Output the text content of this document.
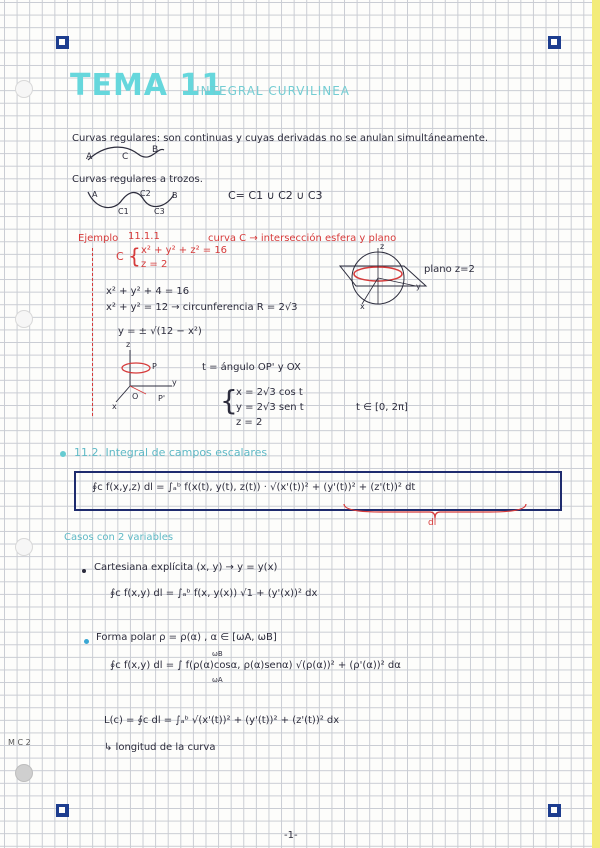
TEMA 11
- INTEGRAL CURVILINEA
Curvas regulares: son continuas y cuyas derivadas no se anulan simultáneamente.
A	C
B
Curvas regulares a trozos.
A	C2	B
C1	C3
C= C1 ∪ C2 ∪ C3
Ejemplo 11.1.1	curva C → intersección esfera y plano
C { x² + y² + z² = 16
z = 2
x² + y² + 4 = 16
x² + y² = 12 → circunferencia R = 2√3
y = ± √(12 − x²)
z
y
x
plano z=2
z
y
x
P
P'
O
t = ángulo OP' y OX
{
x = 2√3 cos t
y = 2√3 sen t
z = 2
t ∈ [0, 2π]
11.2. Integral de campos escalares
∮c f(x,y,z) dl = ∫ₐᵇ f(x(t), y(t), z(t)) · √(x'(t))² + (y'(t))² + (z'(t))² dt
dl
Casos con 2 variables
Cartesiana explícita (x, y) → y = y(x)
∮c f(x,y) dl = ∫ₐᵇ f(x, y(x)) √1 + (y'(x))² dx
Forma polar ρ = ρ(α) , α ∈ [ωA, ωB]
∮c f(x,y) dl = ∫ f(ρ(α)cosα, ρ(α)senα) √(ρ(α))² + (ρ'(α))² dα
ωB
ωA
L(c) = ∮c dl = ∫ₐᵇ √(x'(t))² + (y'(t))² + (z'(t))² dx
↳ longitud de la curva
M C 2
-1-
